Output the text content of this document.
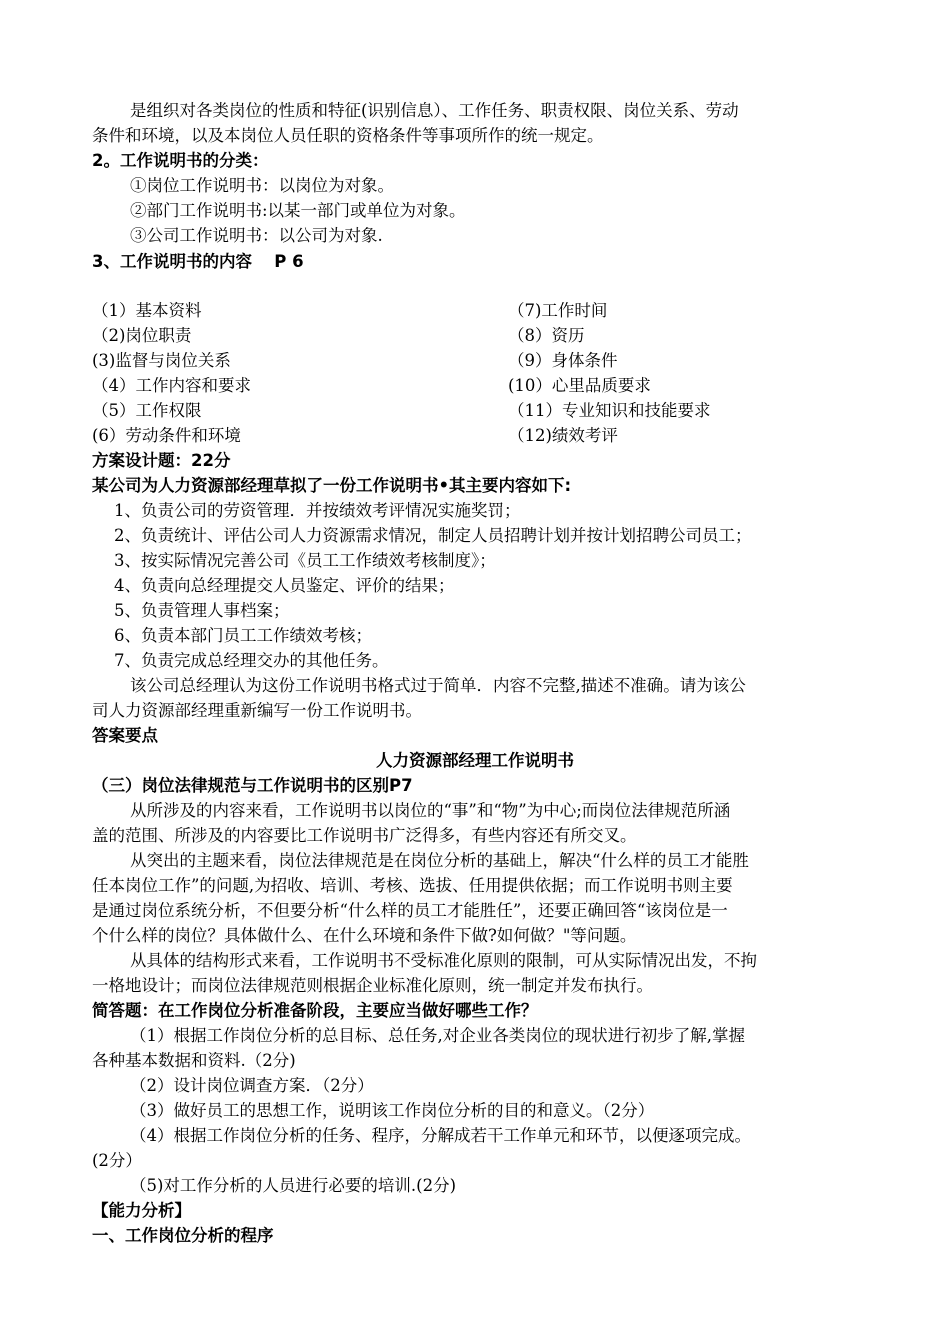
是组织对各类岗位的性质和特征(识别信息）、工作任务、职责权限、岗位关系、劳动
条件和环境，以及本岗位人员任职的资格条件等事项所作的统一规定。
2。工作说明书的分类：
①岗位工作说明书：以岗位为对象。
②部门工作说明书:以某一部门或单位为对象。
③公司工作说明书：以公司为对象.
3、工作说明书的内容　 P 6
（1）基本资料
（2)岗位职责
(3)监督与岗位关系
（4）工作内容和要求
（5）工作权限
(6）劳动条件和环境
（7)工作时间
（8）资历
（9）身体条件
(10）心里品质要求
（11）专业知识和技能要求
（12)绩效考评
方案设计题：22分
某公司为人力资源部经理草拟了一份工作说明书•其主要内容如下:
1、负责公司的劳资管理．并按绩效考评情况实施奖罚；
2、负责统计、评估公司人力资源需求情况，制定人员招聘计划并按计划招聘公司员工；
3、按实际情况完善公司《员工工作绩效考核制度》；
4、负责向总经理提交人员鉴定、评价的结果；
5、负责管理人事档案；
6、负责本部门员工工作绩效考核；
7、负责完成总经理交办的其他任务。
该公司总经理认为这份工作说明书格式过于简单．内容不完整,描述不准确。请为该公
司人力资源部经理重新编写一份工作说明书。
答案要点
人力资源部经理工作说明书
（三）岗位法律规范与工作说明书的区别P7
从所涉及的内容来看，工作说明书以岗位的“事”和“物”为中心;而岗位法律规范所涵
盖的范围、所涉及的内容要比工作说明书广泛得多，有些内容还有所交叉。
从突出的主题来看，岗位法律规范是在岗位分析的基础上，解决“什么样的员工才能胜
任本岗位工作”的问题,为招收、培训、考核、选拔、任用提供依据；而工作说明书则主要
是通过岗位系统分析，不但要分析“什么样的员工才能胜任”，还要正确回答“该岗位是一
个什么样的岗位？具体做什么、在什么环境和条件下做?如何做？"等问题。
从具体的结构形式来看，工作说明书不受标准化原则的限制，可从实际情况出发，不拘
一格地设计；而岗位法律规范则根据企业标准化原则，统一制定并发布执行。
简答题：在工作岗位分析准备阶段，主要应当做好哪些工作？
（1）根据工作岗位分析的总目标、总任务,对企业各类岗位的现状进行初步了解,掌握
各种基本数据和资料.（2分)
（2）设计岗位调查方案．（2分）
（3）做好员工的思想工作，说明该工作岗位分析的目的和意义。（2分）
（4）根据工作岗位分析的任务、程序，分解成若干工作单元和环节，以便逐项完成。
(2分）
（5)对工作分析的人员进行必要的培训.(2分)
【能力分析】
一、工作岗位分析的程序
